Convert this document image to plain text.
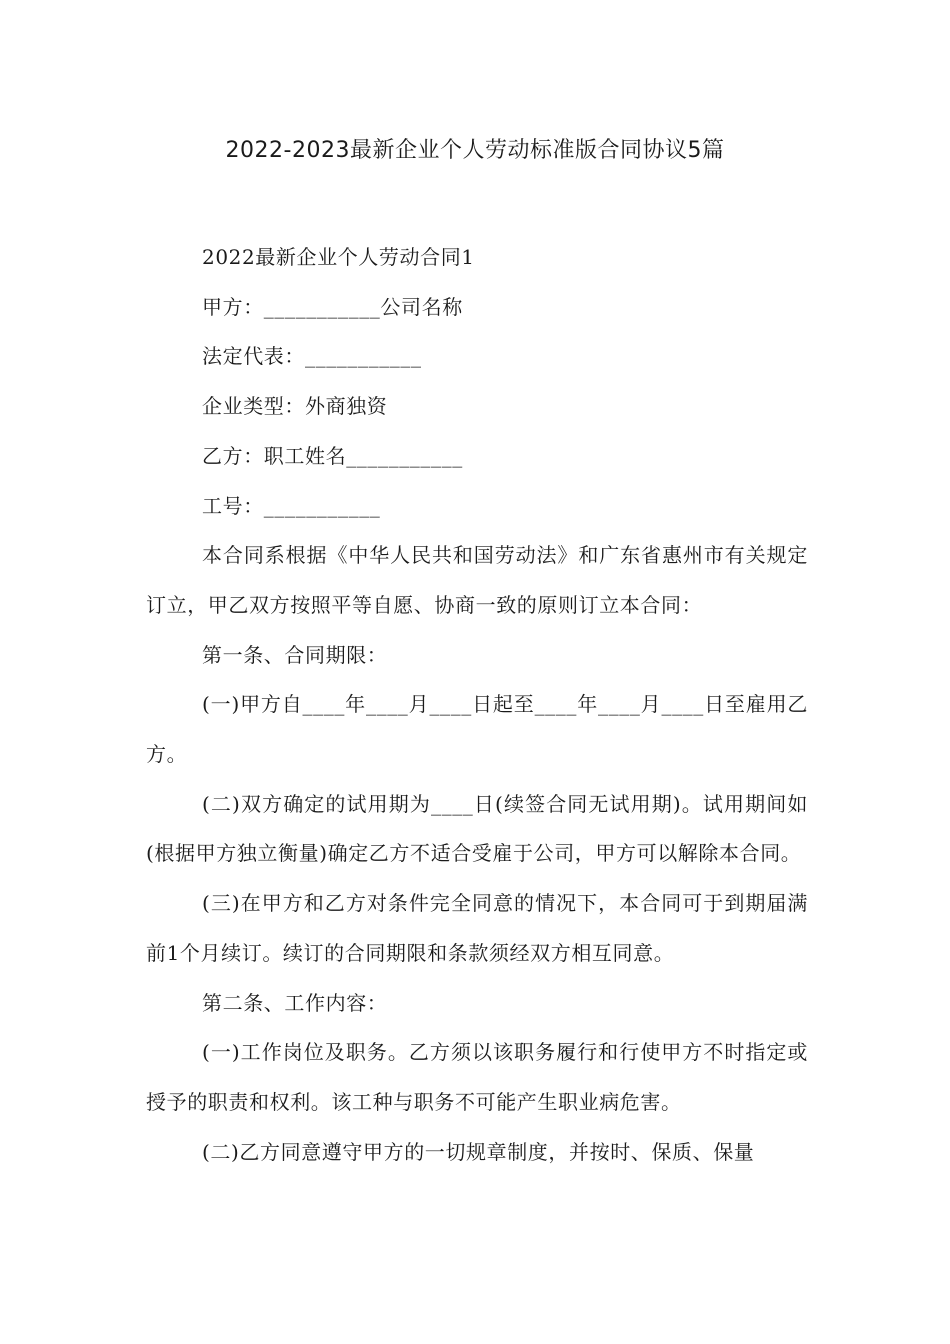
2022-2023最新企业个人劳动标准版合同协议5篇

2022最新企业个人劳动合同1

甲方：___________公司名称

法定代表：___________

企业类型：外商独资

乙方：职工姓名___________

工号：___________

本合同系根据《中华人民共和国劳动法》和广东省惠州市有关规定订立，甲乙双方按照平等自愿、协商一致的原则订立本合同：

第一条、合同期限：

(一)甲方自____年____月____日起至____年____月____日至雇用乙方。

(二)双方确定的试用期为____日(续签合同无试用期)。试用期间如(根据甲方独立衡量)确定乙方不适合受雇于公司，甲方可以解除本合同。

(三)在甲方和乙方对条件完全同意的情况下，本合同可于到期届满前1个月续订。续订的合同期限和条款须经双方相互同意。

第二条、工作内容：

(一)工作岗位及职务。乙方须以该职务履行和行使甲方不时指定或授予的职责和权利。该工种与职务不可能产生职业病危害。

(二)乙方同意遵守甲方的一切规章制度，并按时、保质、保量
